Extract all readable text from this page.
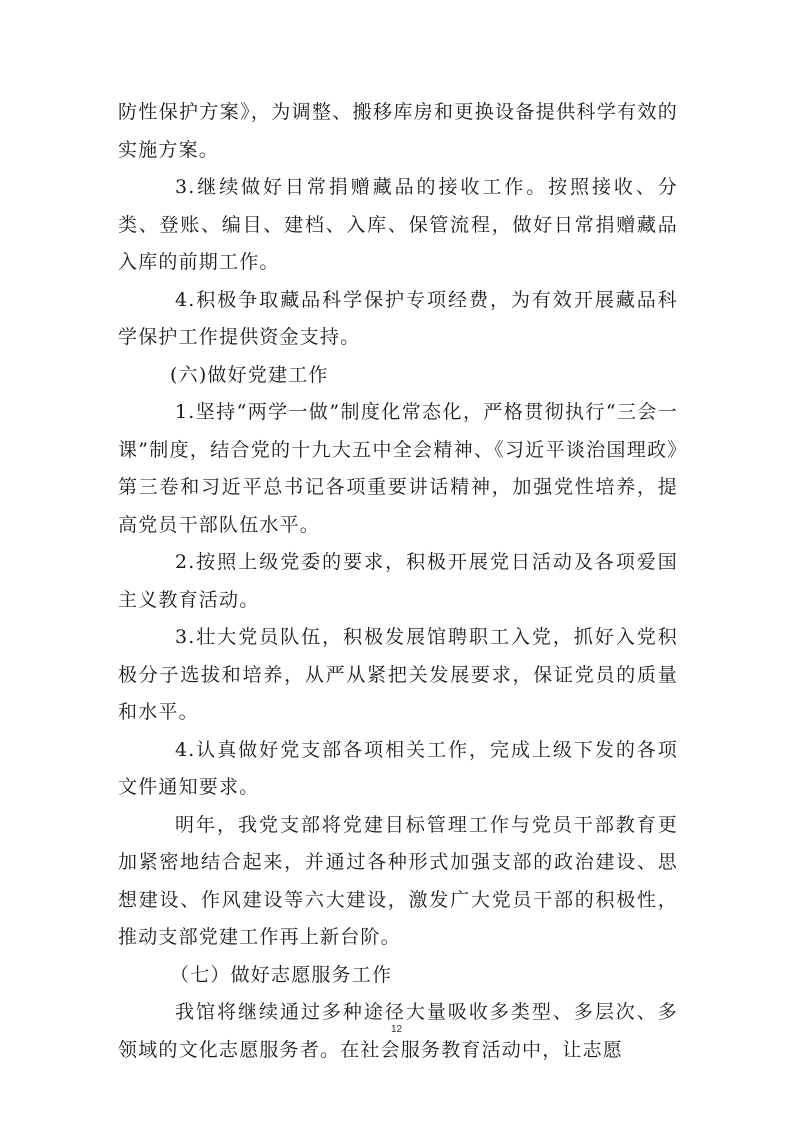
防性保护方案》，为调整、搬移库房和更换设备提供科学有效的实施方案。

3.继续做好日常捐赠藏品的接收工作。按照接收、分类、登账、编目、建档、入库、保管流程，做好日常捐赠藏品入库的前期工作。

4.积极争取藏品科学保护专项经费，为有效开展藏品科学保护工作提供资金支持。

(六)做好党建工作

1.坚持“两学一做”制度化常态化，严格贯彻执行“三会一课”制度，结合党的十九大五中全会精神、《习近平谈治国理政》第三卷和习近平总书记各项重要讲话精神，加强党性培养，提高党员干部队伍水平。

2.按照上级党委的要求，积极开展党日活动及各项爱国主义教育活动。

3.壮大党员队伍，积极发展馆聘职工入党，抓好入党积极分子选拔和培养，从严从紧把关发展要求，保证党员的质量和水平。

4.认真做好党支部各项相关工作，完成上级下发的各项文件通知要求。

明年，我党支部将党建目标管理工作与党员干部教育更加紧密地结合起来，并通过各种形式加强支部的政治建设、思想建设、作风建设等六大建设，激发广大党员干部的积极性，推动支部党建工作再上新台阶。

（七）做好志愿服务工作

我馆将继续通过多种途径大量吸收多类型、多层次、多领域的文化志愿服务者。在社会服务教育活动中，让志愿

12
